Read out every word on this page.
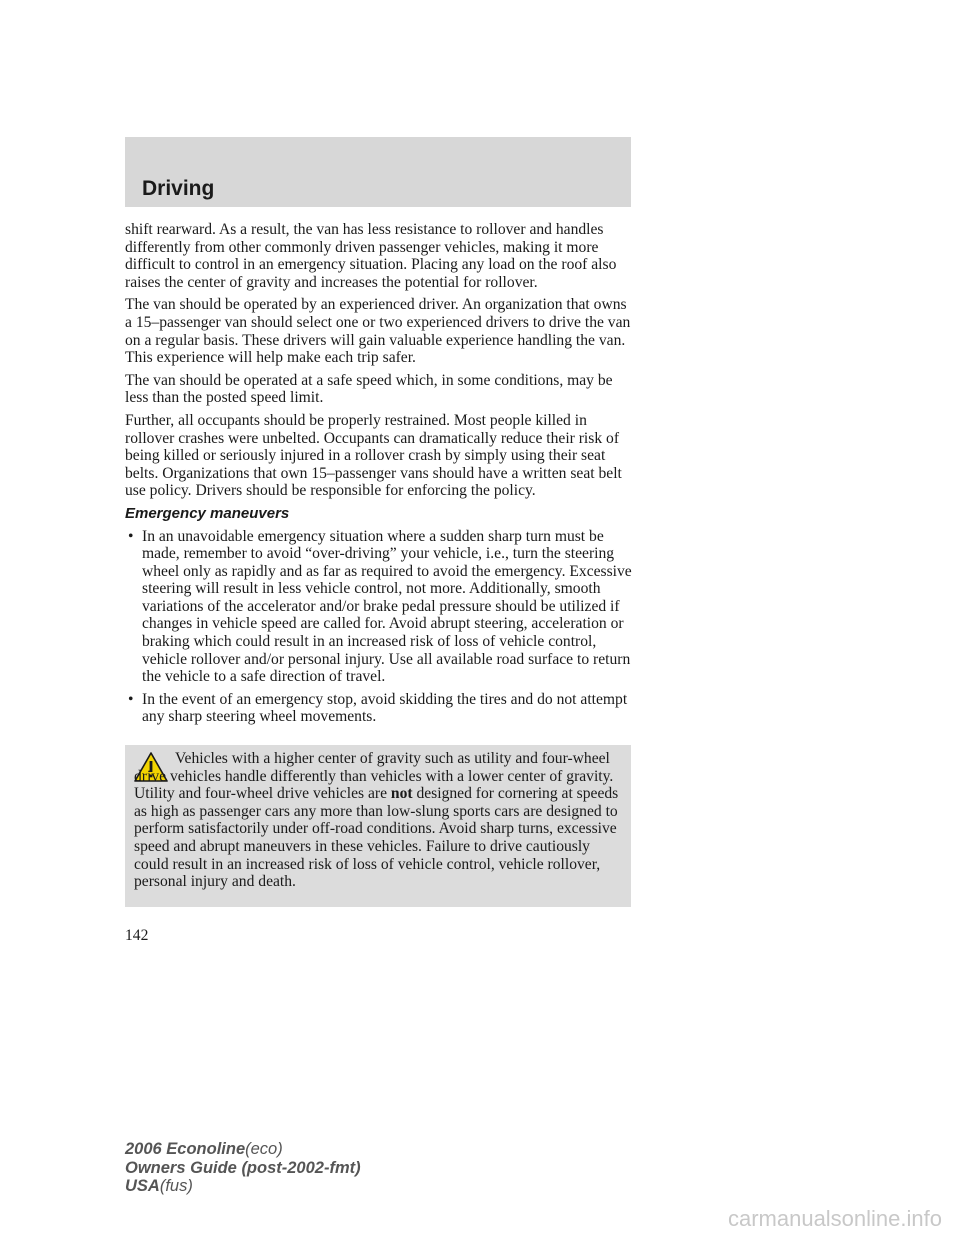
Driving

shift rearward. As a result, the van has less resistance to rollover and handles differently from other commonly driven passenger vehicles, making it more difficult to control in an emergency situation. Placing any load on the roof also raises the center of gravity and increases the potential for rollover.

The van should be operated by an experienced driver. An organization that owns a 15–passenger van should select one or two experienced drivers to drive the van on a regular basis. These drivers will gain valuable experience handling the van. This experience will help make each trip safer.

The van should be operated at a safe speed which, in some conditions, may be less than the posted speed limit.

Further, all occupants should be properly restrained. Most people killed in rollover crashes were unbelted. Occupants can dramatically reduce their risk of being killed or seriously injured in a rollover crash by simply using their seat belts. Organizations that own 15–passenger vans should have a written seat belt use policy. Drivers should be responsible for enforcing the policy.

Emergency maneuvers
• In an unavoidable emergency situation where a sudden sharp turn must be made, remember to avoid “over-driving” your vehicle, i.e., turn the steering wheel only as rapidly and as far as required to avoid the emergency. Excessive steering will result in less vehicle control, not more. Additionally, smooth variations of the accelerator and/or brake pedal pressure should be utilized if changes in vehicle speed are called for. Avoid abrupt steering, acceleration or braking which could result in an increased risk of loss of vehicle control, vehicle rollover and/or personal injury. Use all available road surface to return the vehicle to a safe direction of travel.
• In the event of an emergency stop, avoid skidding the tires and do not attempt any sharp steering wheel movements.
Vehicles with a higher center of gravity such as utility and four-wheel drive vehicles handle differently than vehicles with a lower center of gravity. Utility and four-wheel drive vehicles are not designed for cornering at speeds as high as passenger cars any more than low-slung sports cars are designed to perform satisfactorily under off-road conditions. Avoid sharp turns, excessive speed and abrupt maneuvers in these vehicles. Failure to drive cautiously could result in an increased risk of loss of vehicle control, vehicle rollover, personal injury and death.
142
2006 Econoline(eco)
Owners Guide (post-2002-fmt)
USA(fus)
carmanualsonline.info
